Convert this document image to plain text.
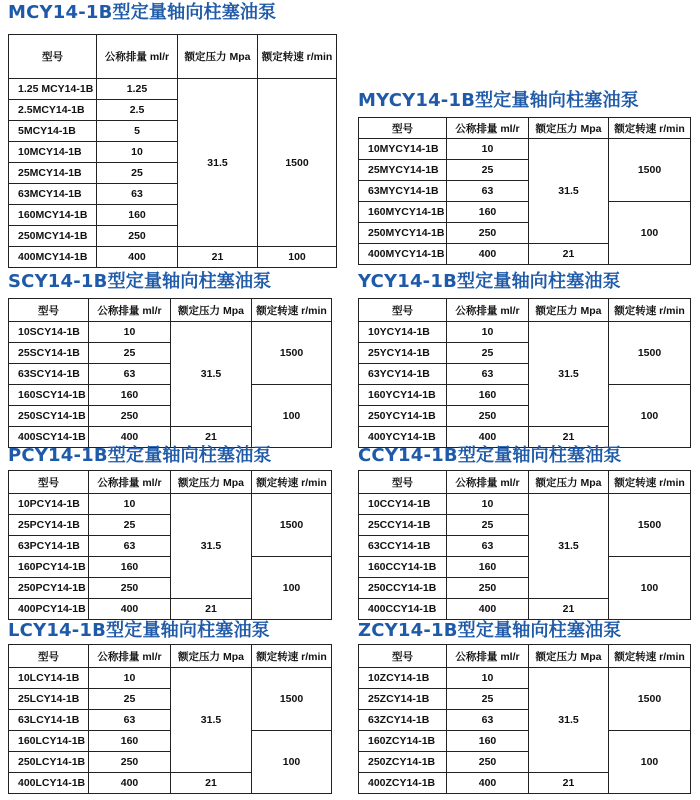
MCY14-1B型定量轴向柱塞油泵
型号	公称排量 ml/r	额定压力 Mpa	额定转速 r/min
1.25 MCY14-1B	1.25	31.5	1500
2.5MCY14-1B	2.5		
5MCY14-1B	5		
10MCY14-1B	10		
25MCY14-1B	25		
63MCY14-1B	63		
160MCY14-1B	160		
250MCY14-1B	250		
400MCY14-1B	400	21	100
MYCY14-1B型定量轴向柱塞油泵
型号	公称排量 ml/r	额定压力 Mpa	额定转速 r/min
10MYCY14-1B	10	31.5	1500
25MYCY14-1B	25		
63MYCY14-1B	63		
160MYCY14-1B	160		100
250MYCY14-1B	250		
400MYCY14-1B	400	21	
SCY14-1B型定量轴向柱塞油泵
型号	公称排量 ml/r	额定压力 Mpa	额定转速 r/min
10SCY14-1B	10	31.5	1500
25SCY14-1B	25		
63SCY14-1B	63		
160SCY14-1B	160		100
250SCY14-1B	250		
400SCY14-1B	400	21	
YCY14-1B型定量轴向柱塞油泵
型号	公称排量 ml/r	额定压力 Mpa	额定转速 r/min
10YCY14-1B	10	31.5	1500
25YCY14-1B	25		
63YCY14-1B	63		
160YCY14-1B	160		100
250YCY14-1B	250		
400YCY14-1B	400	21	
PCY14-1B型定量轴向柱塞油泵
型号	公称排量 ml/r	额定压力 Mpa	额定转速 r/min
10PCY14-1B	10	31.5	1500
25PCY14-1B	25		
63PCY14-1B	63		
160PCY14-1B	160		100
250PCY14-1B	250		
400PCY14-1B	400	21	
CCY14-1B型定量轴向柱塞油泵
型号	公称排量 ml/r	额定压力 Mpa	额定转速 r/min
10CCY14-1B	10	31.5	1500
25CCY14-1B	25		
63CCY14-1B	63		
160CCY14-1B	160		100
250CCY14-1B	250		
400CCY14-1B	400	21	
LCY14-1B型定量轴向柱塞油泵
型号	公称排量 ml/r	额定压力 Mpa	额定转速 r/min
10LCY14-1B	10	31.5	1500
25LCY14-1B	25		
63LCY14-1B	63		
160LCY14-1B	160		100
250LCY14-1B	250		
400LCY14-1B	400	21	
ZCY14-1B型定量轴向柱塞油泵
型号	公称排量 ml/r	额定压力 Mpa	额定转速 r/min
10ZCY14-1B	10	31.5	1500
25ZCY14-1B	25		
63ZCY14-1B	63		
160ZCY14-1B	160		100
250ZCY14-1B	250		
400ZCY14-1B	400	21	
